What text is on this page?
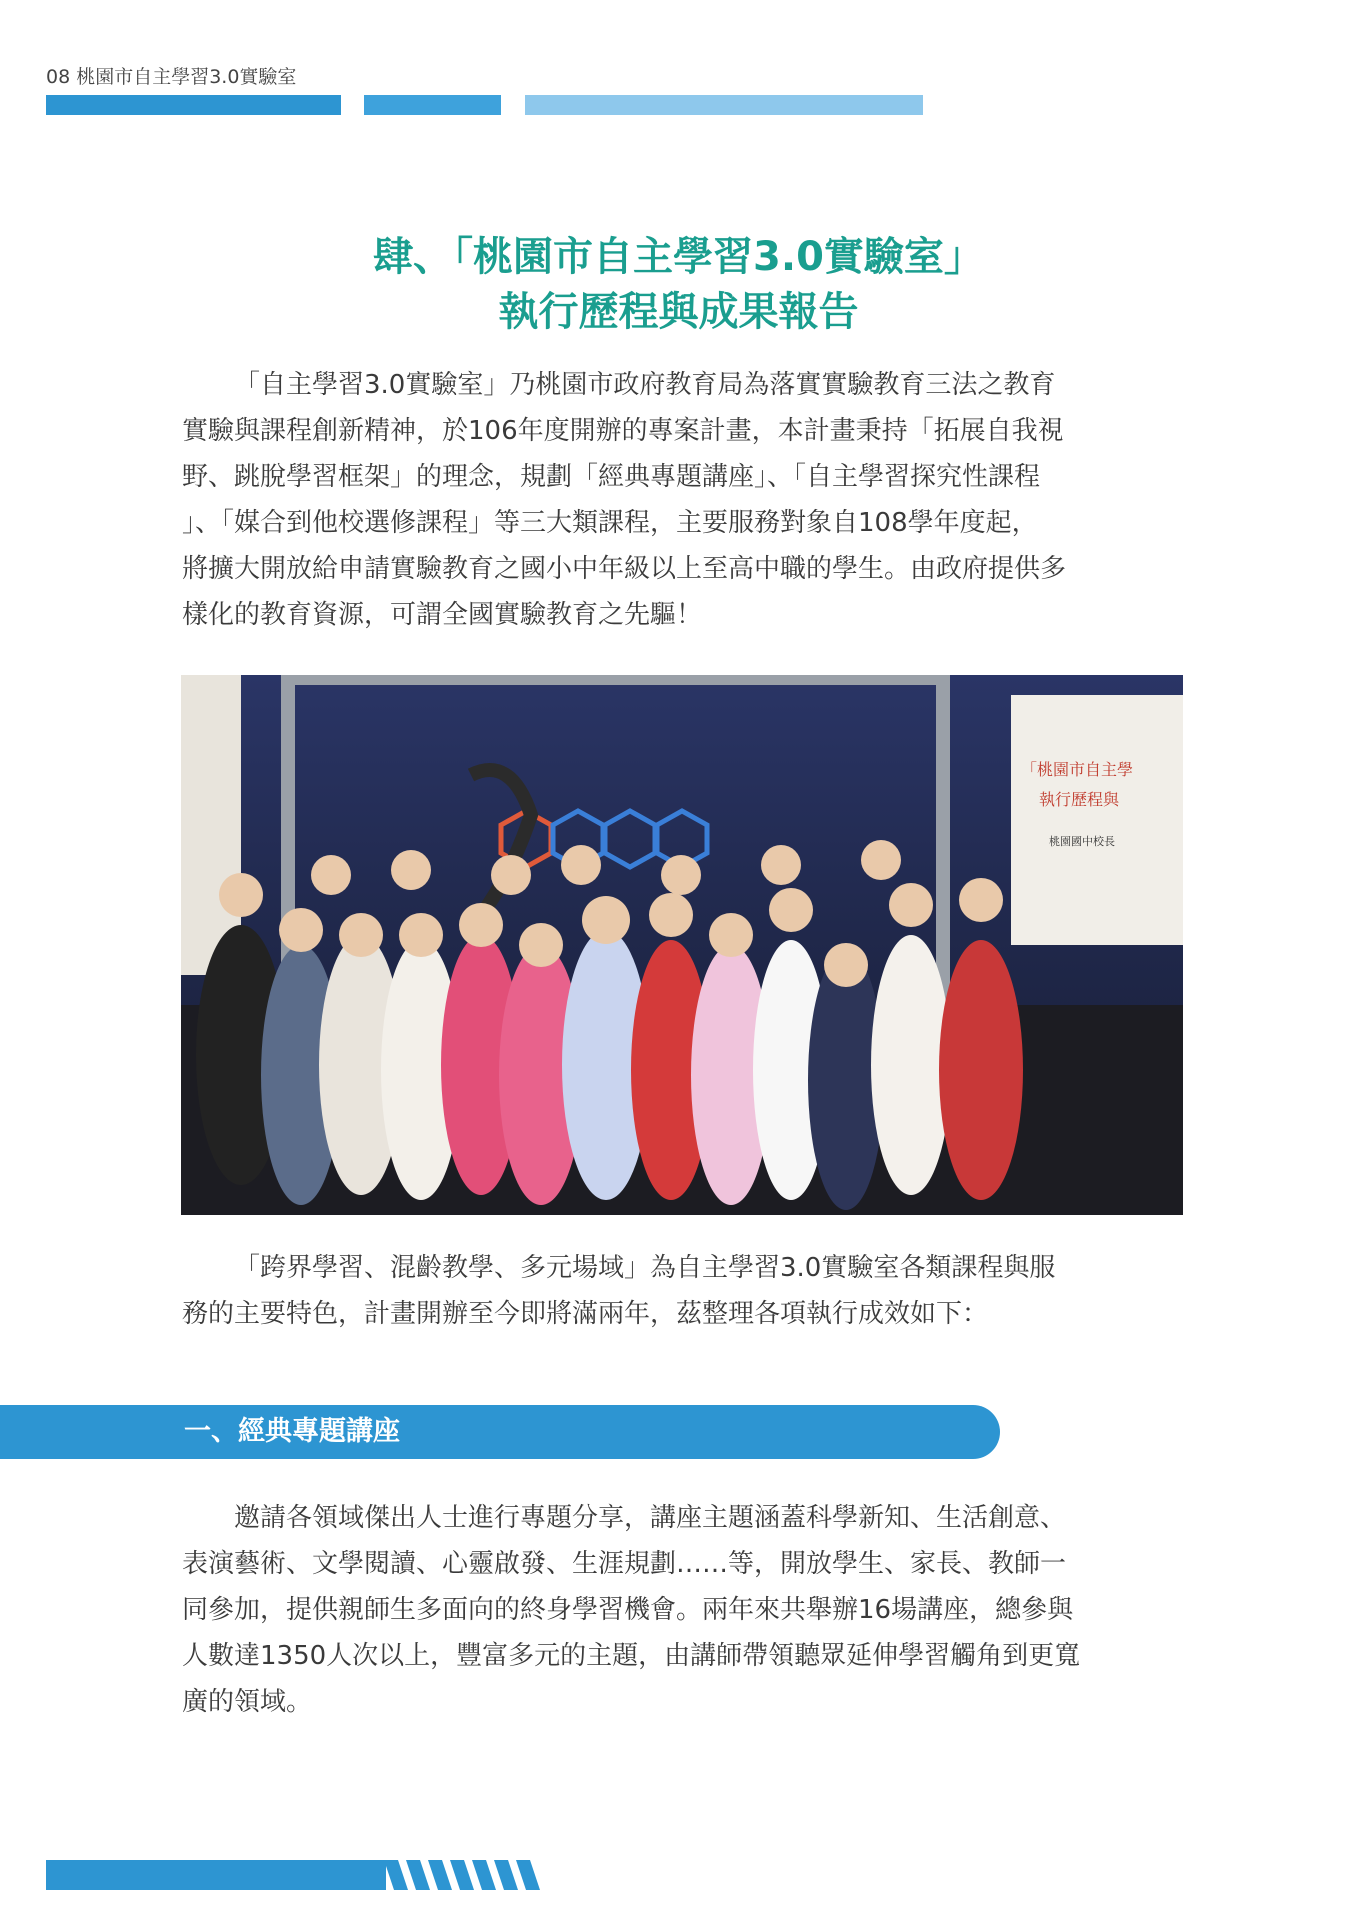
08 桃園市自主學習3.0實驗室
肆、「桃園市自主學習3.0實驗室」
執行歷程與成果報告
「自主學習3.0實驗室」乃桃園市政府教育局為落實實驗教育三法之教育
實驗與課程創新精神，於106年度開辦的專案計畫，本計畫秉持「拓展自我視
野、跳脫學習框架」的理念，規劃「經典專題講座」、「自主學習探究性課程
」、「媒合到他校選修課程」等三大類課程，主要服務對象自108學年度起，
將擴大開放給申請實驗教育之國小中年級以上至高中職的學生。由政府提供多
樣化的教育資源，可謂全國實驗教育之先驅！
「桃園市自主學
執行歷程與
桃園國中校長
「跨界學習、混齡教學、多元場域」為自主學習3.0實驗室各類課程與服
務的主要特色，計畫開辦至今即將滿兩年，茲整理各項執行成效如下：
一、經典專題講座
邀請各領域傑出人士進行專題分享，講座主題涵蓋科學新知、生活創意、
表演藝術、文學閱讀、心靈啟發、生涯規劃……等，開放學生、家長、教師一
同參加，提供親師生多面向的終身學習機會。兩年來共舉辦16場講座，總參與
人數達1350人次以上，豐富多元的主題，由講師帶領聽眾延伸學習觸角到更寬
廣的領域。
